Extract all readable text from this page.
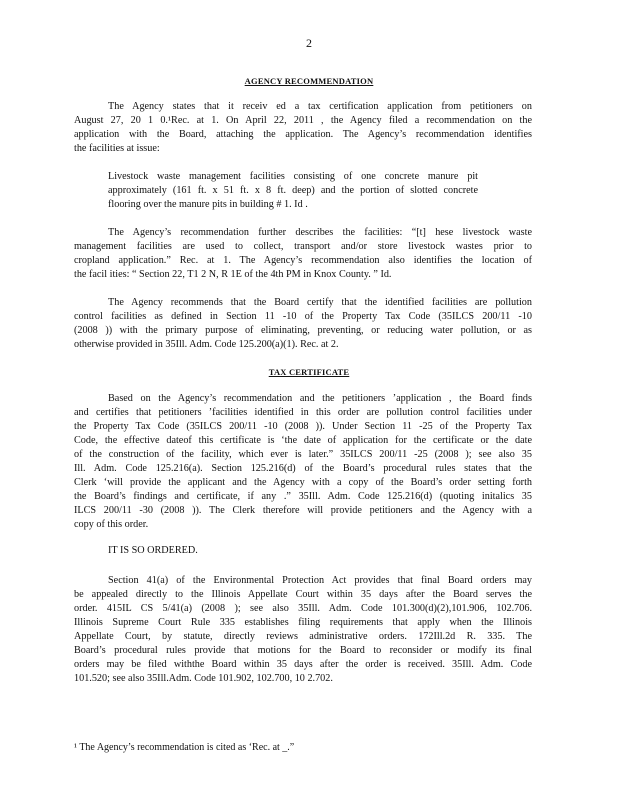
2
AGENCY RECOMMENDATION
The Agency states that it receiv ed a tax certification application from petitioners on
August 27, 20 1 0.¹Rec. at 1. On April 22, 2011 , the Agency filed a recommendation on the
application with the Board, attaching the application. The Agency’s recommendation identifies
the facilities at issue:
Livestock waste management facilities consisting of one concrete manure pit
approximately (161 ft. x 51 ft. x 8 ft. deep) and the portion of slotted concrete
flooring over the manure pits in building # 1. Id .
The Agency’s recommendation further describes the facilities: “[t] hese livestock waste
management facilities are used to collect, transport and/or store livestock wastes prior to
cropland application.” Rec. at 1. The Agency’s recommendation also identifies the location of
the facil ities: “ Section 22, T1 2 N, R 1E of the 4th PM in Knox County. ” Id.
The Agency recommends that the Board certify that the identified facilities are pollution
control facilities as defined in Section 11 -10 of the Property Tax Code (35ILCS 200/11 -10
(2008 )) with the primary purpose of eliminating, preventing, or reducing water pollution, or as
otherwise provided in 35Ill. Adm. Code 125.200(a)(1). Rec. at 2.
TAX CERTIFICATE
Based on the Agency’s recommendation and the petitioners ’application , the Board finds
and certifies that petitioners ’facilities identified in this order are pollution control facilities under
the Property Tax Code (35ILCS 200/11 -10 (2008 )). Under Section 11 -25 of the Property Tax
Code, the effective dateof this certificate is ‘the date of application for the certificate or the date
of the construction of the facility, which ever is later.” 35ILCS 200/11 -25 (2008 ); see also 35
Ill. Adm. Code 125.216(a). Section 125.216(d) of the Board’s procedural rules states that the
Clerk ‘will provide the applicant and the Agency with a copy of the Board’s order setting forth
the Board’s findings and certificate, if any .” 35Ill. Adm. Code 125.216(d) (quoting initalics 35
ILCS 200/11 -30 (2008 )). The Clerk therefore will provide petitioners and the Agency with a
copy of this order.
IT IS SO ORDERED.
Section 41(a) of the Environmental Protection Act provides that final Board orders may
be appealed directly to the Illinois Appellate Court within 35 days after the Board serves the
order. 415IL CS 5/41(a) (2008 ); see also 35Ill. Adm. Code 101.300(d)(2),101.906, 102.706.
Illinois Supreme Court Rule 335 establishes filing requirements that apply when the Illinois
Appellate Court, by statute, directly reviews administrative orders. 172Ill.2d R. 335. The
Board’s procedural rules provide that motions for the Board to reconsider or modify its final
orders may be filed withthe Board within 35 days after the order is received. 35Ill. Adm. Code
101.520; see also 35Ill.Adm. Code 101.902, 102.700, 10 2.702.
¹ The Agency’s recommendation is cited as ‘Rec. at _.”
